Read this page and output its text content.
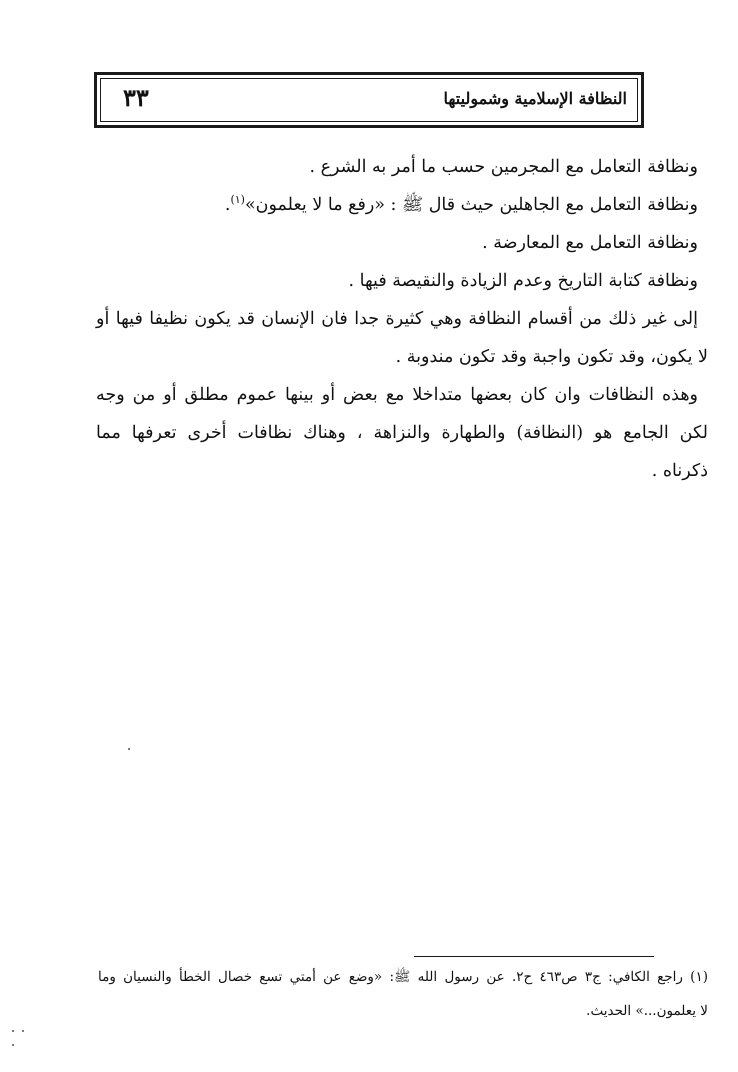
النظافة الإسلامية وشموليتها
٣٣
ونظافة التعامل مع المجرمين حسب ما أمر به الشرع .
ونظافة التعامل مع الجاهلين حيث قال ﷺ : «رفع ما لا يعلمون»$^{(١)}$.
ونظافة التعامل مع المعارضة .
ونظافة كتابة التاريخ وعدم الزيادة والنقيصة فيها .
إلى غير ذلك من أقسام النظافة وهي كثيرة جدا فان الإنسان قد يكون نظيفا فيها أو
لا يكون، وقد تكون واجبة وقد تكون مندوبة .
وهذه النظافات وان كان بعضها متداخلا مع بعض أو بينها عموم مطلق أو من وجه
لكن الجامع هو (النظافة) والطهارة والنزاهة ، وهناك نظافات أخرى تعرفها مما
ذكرناه .
(١) راجع الكافي: ج٣ ص٤٦٣ ح٢. عن رسول الله ﷺ: «وضع عن أمتي تسع خصال الخطأ والنسيان وما
لا يعلمون...» الحديث.
